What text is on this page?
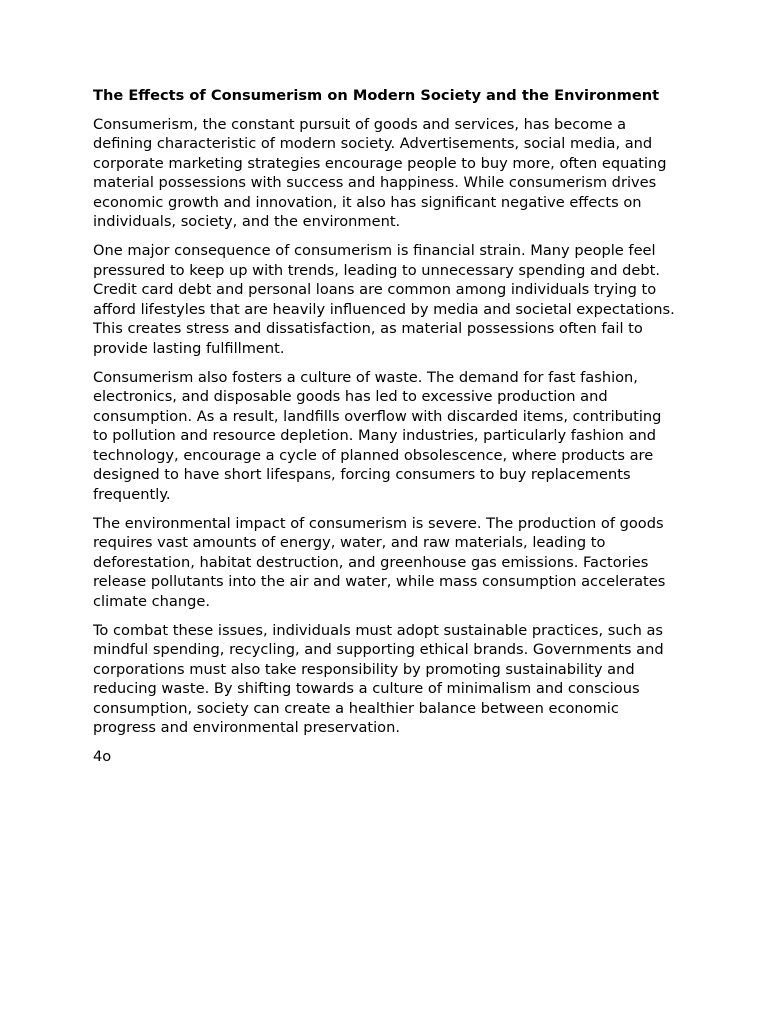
The Effects of Consumerism on Modern Society and the Environment

Consumerism, the constant pursuit of goods and services, has become a defining characteristic of modern society. Advertisements, social media, and corporate marketing strategies encourage people to buy more, often equating material possessions with success and happiness. While consumerism drives economic growth and innovation, it also has significant negative effects on individuals, society, and the environment.

One major consequence of consumerism is financial strain. Many people feel pressured to keep up with trends, leading to unnecessary spending and debt. Credit card debt and personal loans are common among individuals trying to afford lifestyles that are heavily influenced by media and societal expectations. This creates stress and dissatisfaction, as material possessions often fail to provide lasting fulfillment.

Consumerism also fosters a culture of waste. The demand for fast fashion, electronics, and disposable goods has led to excessive production and consumption. As a result, landfills overflow with discarded items, contributing to pollution and resource depletion. Many industries, particularly fashion and technology, encourage a cycle of planned obsolescence, where products are designed to have short lifespans, forcing consumers to buy replacements frequently.

The environmental impact of consumerism is severe. The production of goods requires vast amounts of energy, water, and raw materials, leading to deforestation, habitat destruction, and greenhouse gas emissions. Factories release pollutants into the air and water, while mass consumption accelerates climate change.

To combat these issues, individuals must adopt sustainable practices, such as mindful spending, recycling, and supporting ethical brands. Governments and corporations must also take responsibility by promoting sustainability and reducing waste. By shifting towards a culture of minimalism and conscious consumption, society can create a healthier balance between economic progress and environmental preservation.

4o
